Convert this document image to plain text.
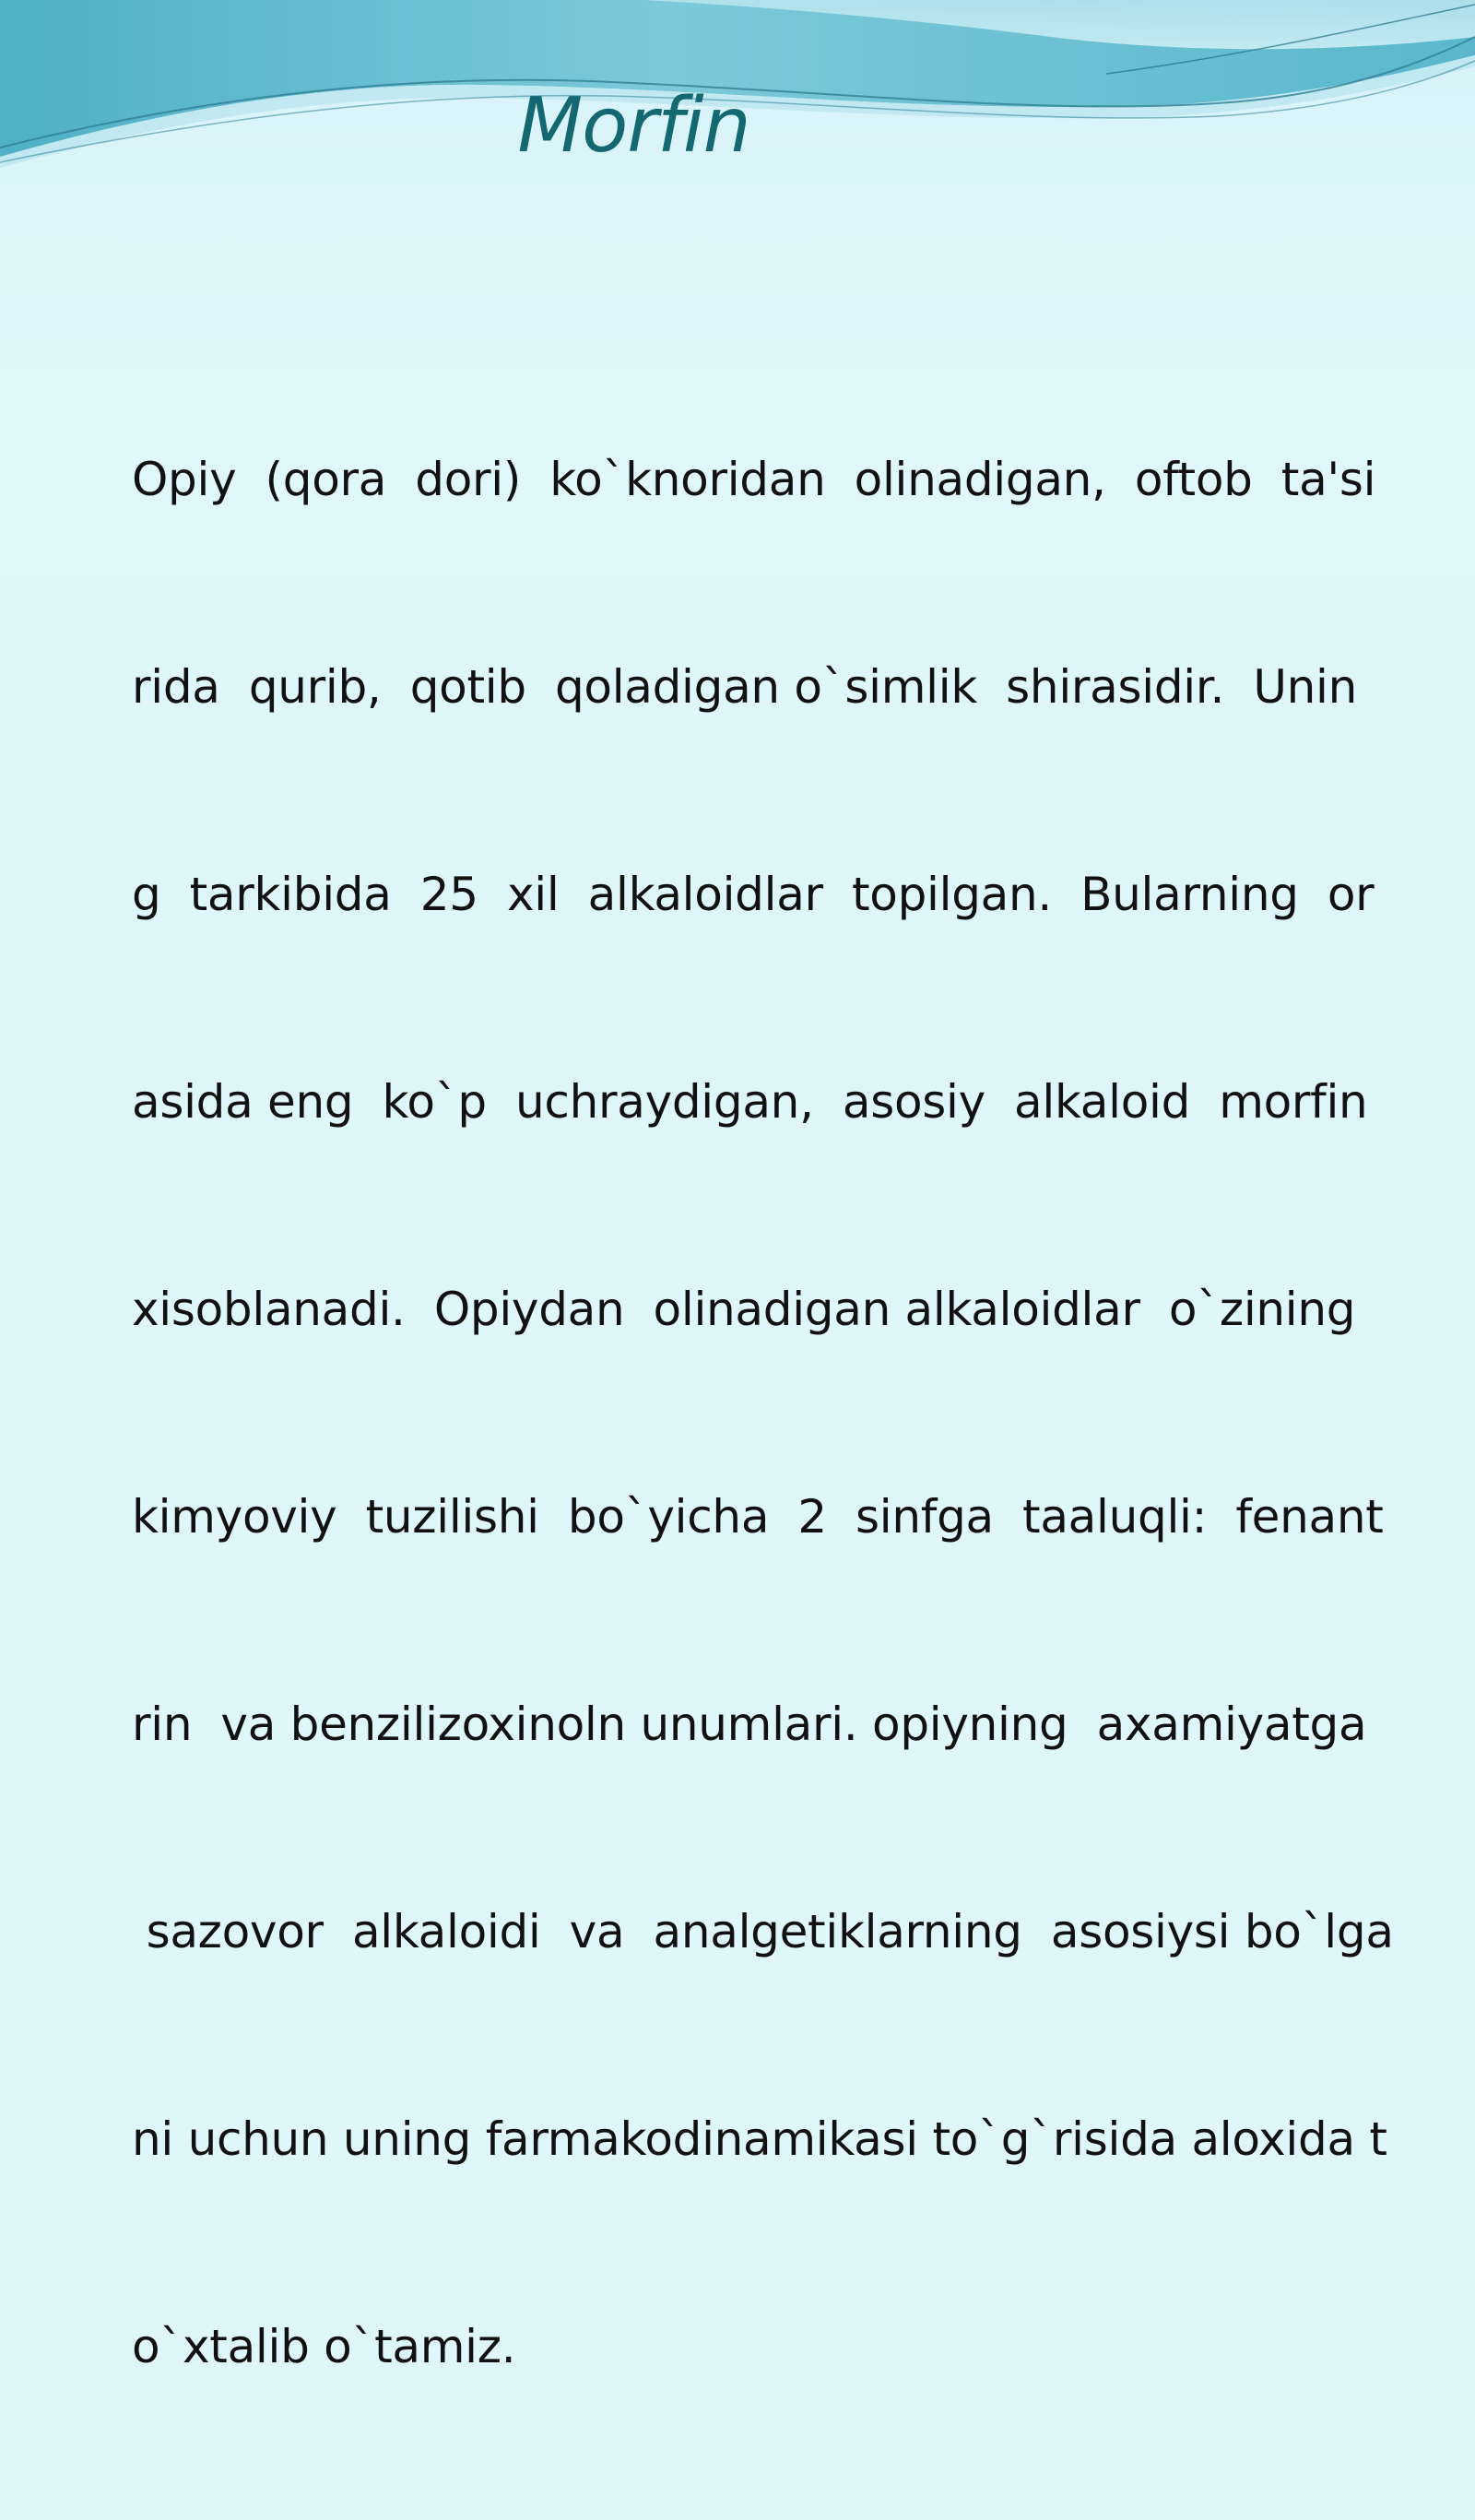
Morfin

Opiy  (qora  dori)  ko`knoridan  olinadigan,  oftob  ta'si

rida  qurib,  qotib  qoladigan o`simlik  shirasidir.  Unin

g  tarkibida  25  xil  alkaloidlar  topilgan.  Bularning  or

asida eng  ko`p  uchraydigan,  asosiy  alkaloid  morfin

xisoblanadi.  Opiydan  olinadigan alkaloidlar  o`zining

kimyoviy  tuzilishi  bo`yicha  2  sinfga  taaluqli:  fenant

rin  va benzilizoxinoln unumlari. opiyning  axamiyatga

sazovor  alkaloidi  va  analgetiklarning  asosiysi bo`lga

ni uchun uning farmakodinamikasi to`g`risida aloxida t

o`xtalib o`tamiz.
